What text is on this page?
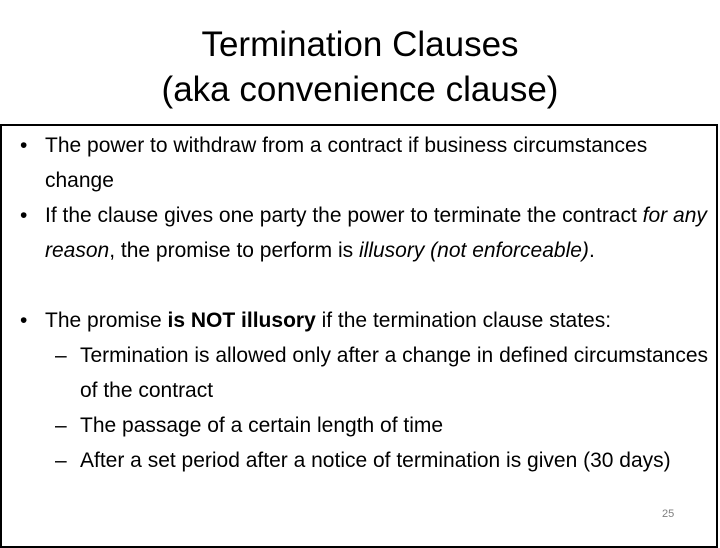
Termination Clauses
(aka convenience clause)
• The power to withdraw from a contract if business circumstances change
• If the clause gives one party the power to terminate the contract for any reason, the promise to perform is illusory (not enforceable).
• The promise is NOT illusory if the termination clause states:
– Termination is allowed only after a change in defined circumstances of the contract
– The passage of a certain length of time
– After a set period after a notice of termination is given (30 days)
25
